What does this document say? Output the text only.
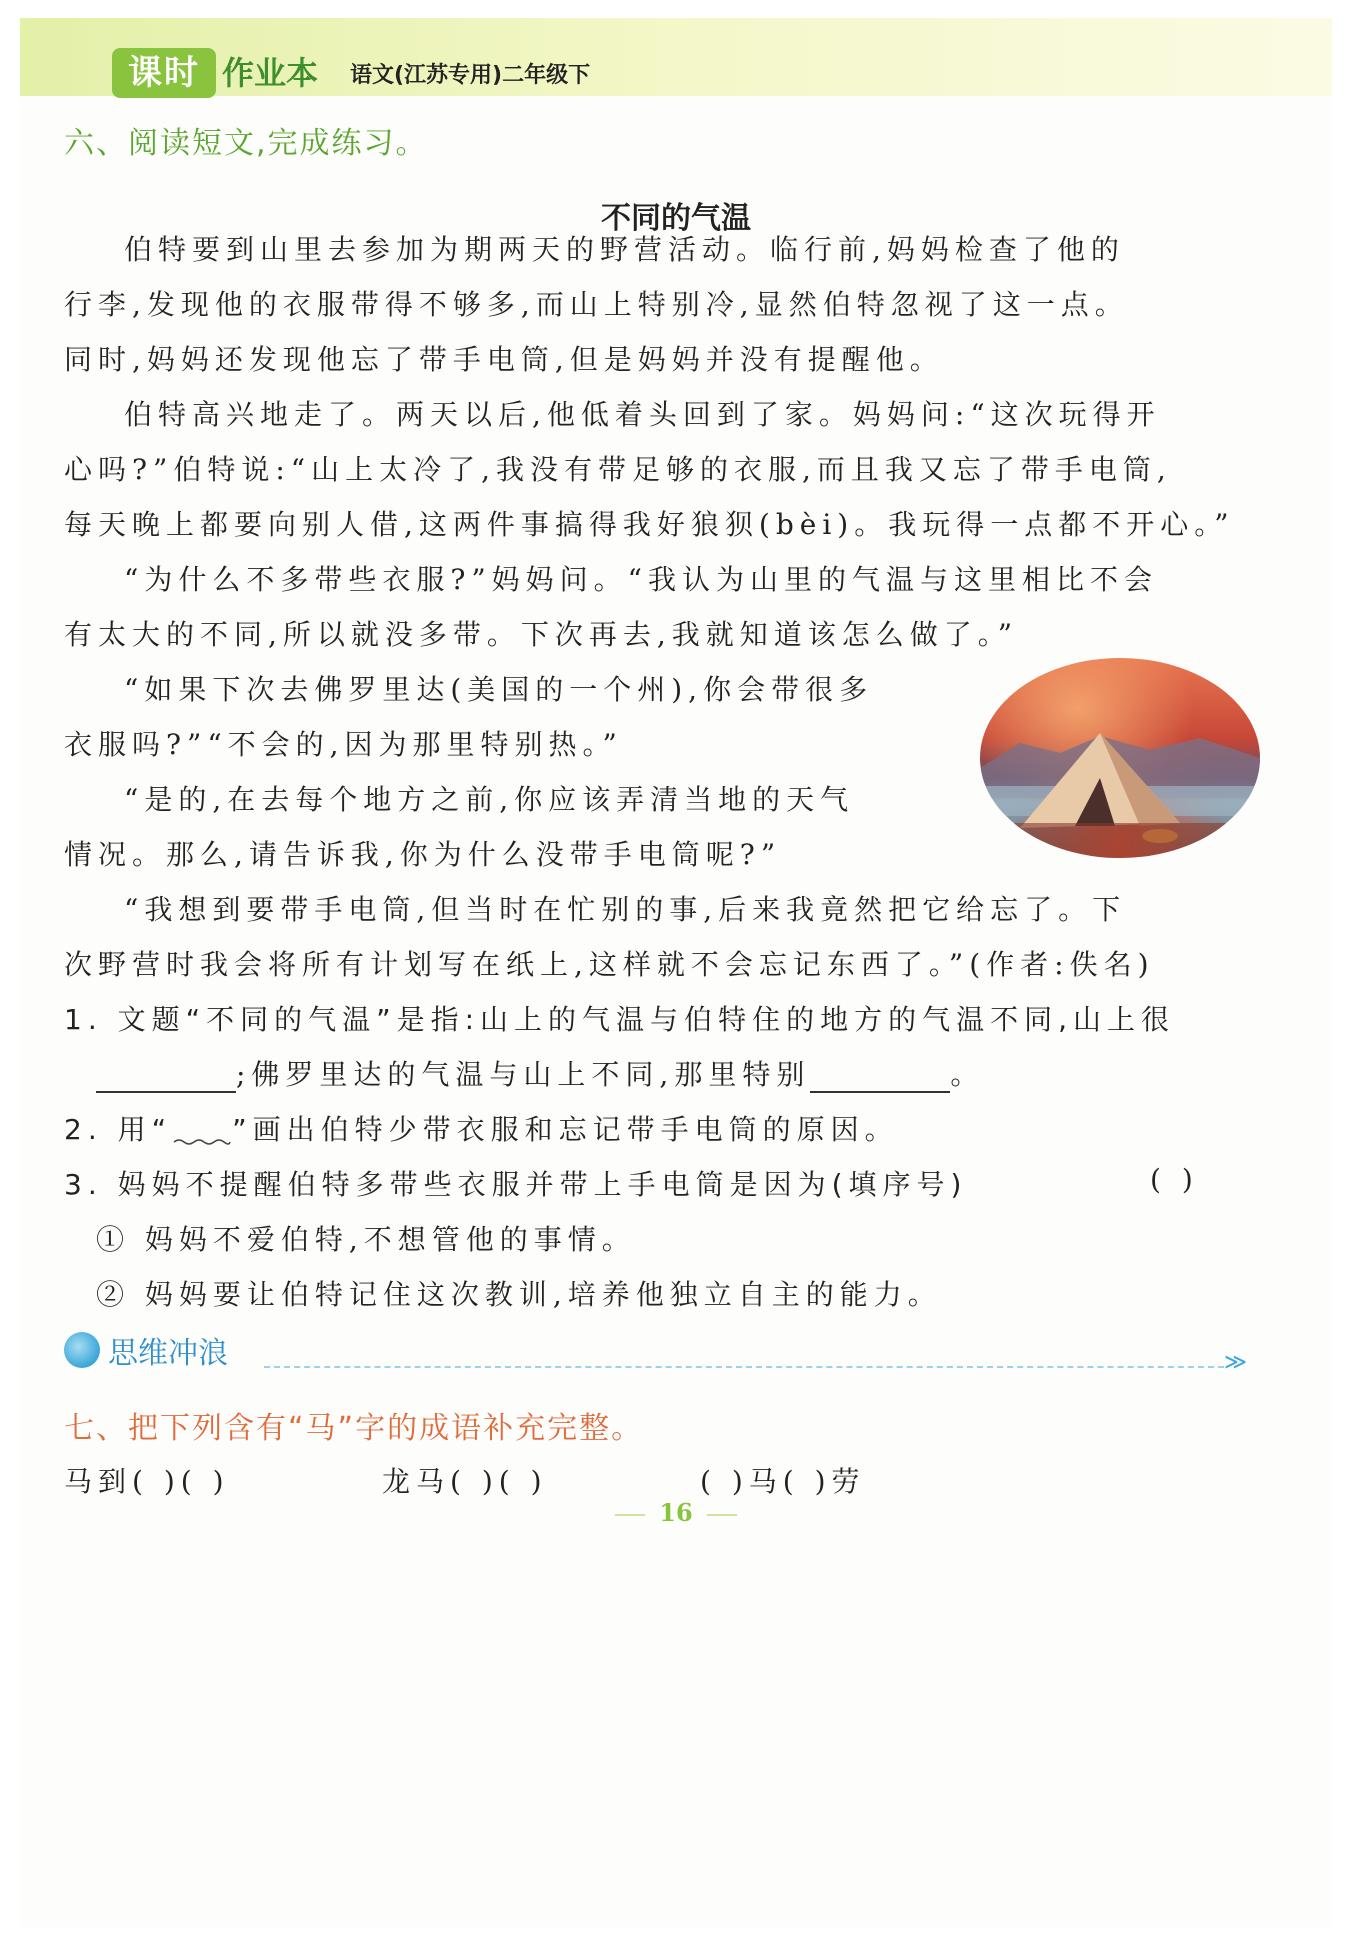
课时 作业本 语文(江苏专用)二年级下
六、阅读短文,完成练习。
不同的气温
伯特要到山里去参加为期两天的野营活动。临行前,妈妈检查了他的
行李,发现他的衣服带得不够多,而山上特别冷,显然伯特忽视了这一点。
同时,妈妈还发现他忘了带手电筒,但是妈妈并没有提醒他。
伯特高兴地走了。两天以后,他低着头回到了家。妈妈问:“这次玩得开
心吗?”伯特说:“山上太冷了,我没有带足够的衣服,而且我又忘了带手电筒,
每天晚上都要向别人借,这两件事搞得我好狼狈(bèi)。我玩得一点都不开心。”
“为什么不多带些衣服?”妈妈问。“我认为山里的气温与这里相比不会
有太大的不同,所以就没多带。下次再去,我就知道该怎么做了。”
“如果下次去佛罗里达(美国的一个州),你会带很多
衣服吗?”“不会的,因为那里特别热。”
“是的,在去每个地方之前,你应该弄清当地的天气
情况。那么,请告诉我,你为什么没带手电筒呢?”
“我想到要带手电筒,但当时在忙别的事,后来我竟然把它给忘了。下
次野营时我会将所有计划写在纸上,这样就不会忘记东西了。”(作者:佚名)
1. 文题“不同的气温”是指:山上的气温与伯特住的地方的气温不同,山上很
;佛罗里达的气温与山上不同,那里特别	。
2. 用“ ”画出伯特少带衣服和忘记带手电筒的原因。
3. 妈妈不提醒伯特多带些衣服并带上手电筒是因为(填序号)	( )
① 妈妈不爱伯特,不想管他的事情。
② 妈妈要让伯特记住这次教训,培养他独立自主的能力。
思维冲浪	≫
七、把下列含有“马”字的成语补充完整。
马到( )( )	龙马( )( )	( )马( )劳
16
